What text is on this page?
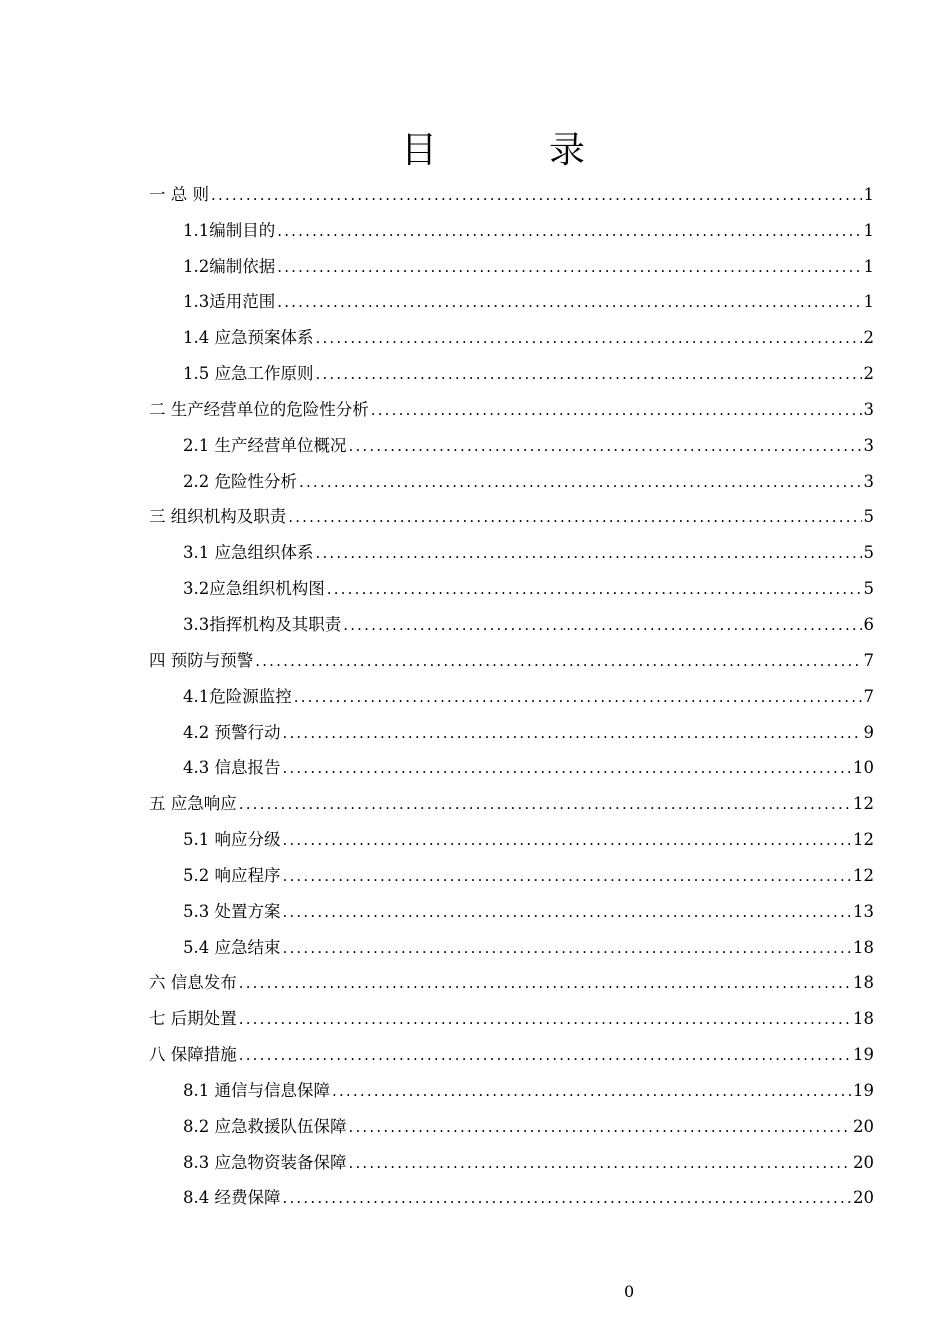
目　录
一 总 则 .....	1
1.1编制目的 .....	1
1.2编制依据 .....	1
1.3适用范围 .....	1
1.4 应急预案体系 .....	2
1.5 应急工作原则 .....	2
二 生产经营单位的危险性分析 .....	3
2.1 生产经营单位概况 .....	3
2.2 危险性分析 .....	3
三 组织机构及职责 .....	5
3.1 应急组织体系 .....	5
3.2应急组织机构图 .....	5
3.3指挥机构及其职责 .....	6
四 预防与预警 .....	7
4.1危险源监控 .....	7
4.2 预警行动 .....	9
4.3 信息报告 .....	10
五 应急响应 .....	12
5.1 响应分级 .....	12
5.2 响应程序 .....	12
5.3 处置方案 .....	13
5.4 应急结束 .....	18
六 信息发布 .....	18
七 后期处置 .....	18
八 保障措施 .....	19
8.1 通信与信息保障 .....	19
8.2 应急救援队伍保障 .....	20
8.3 应急物资装备保障 .....	20
8.4 经费保障 .....	20
0
